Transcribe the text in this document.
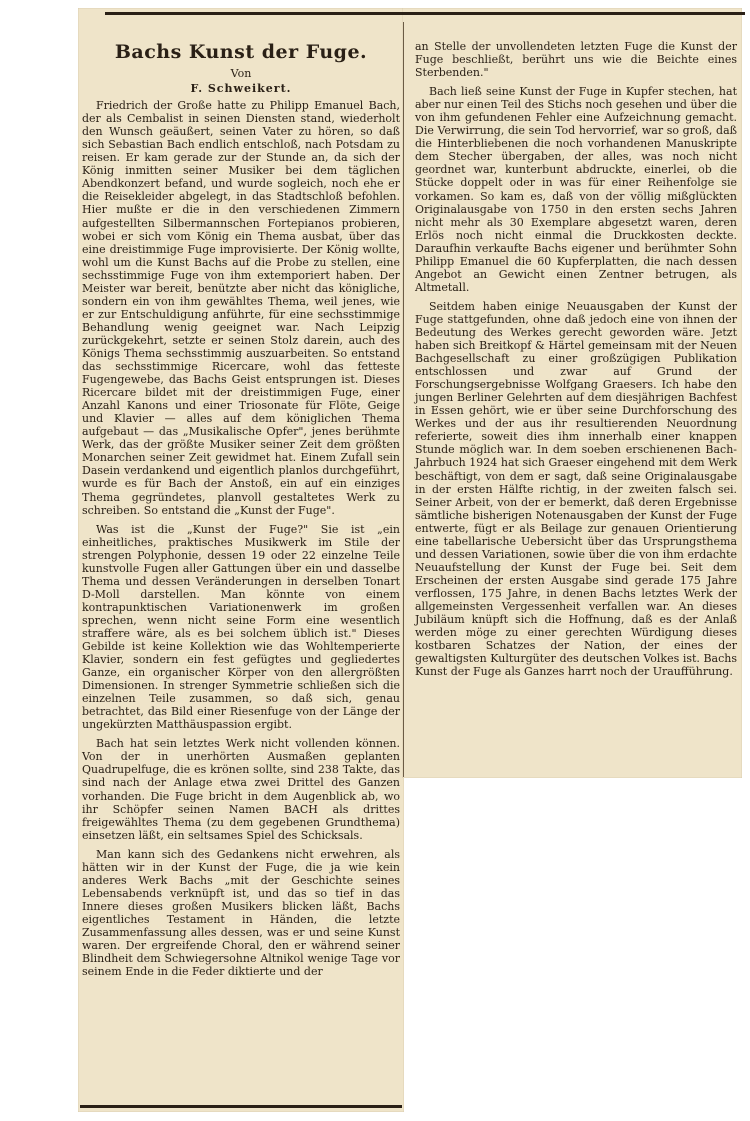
Bachs Kunst der Fuge.
Von
F. Schweikert.

Friedrich der Große hatte zu Philipp Emanuel Bach, der als Cembalist in seinen Diensten stand, wiederholt den Wunsch geäußert, seinen Vater zu hören, so daß sich Sebastian Bach endlich entschloß, nach Potsdam zu reisen. Er kam gerade zur der Stunde an, da sich der König inmitten seiner Musiker bei dem täglichen Abendkonzert befand, und wurde sogleich, noch ehe er die Reisekleider abgelegt, in das Stadtschloß befohlen. Hier mußte er die in den verschiedenen Zimmern aufgestellten Silbermannschen Fortepianos probieren, wobei er sich vom König ein Thema ausbat, über das eine dreistimmige Fuge improvisierte. Der König wollte, wohl um die Kunst Bachs auf die Probe zu stellen, eine sechsstimmige Fuge von ihm extemporiert haben. Der Meister war bereit, benützte aber nicht das königliche, sondern ein von ihm gewähltes Thema, weil jenes, wie er zur Entschuldigung anführte, für eine sechsstimmige Behandlung wenig geeignet war. Nach Leipzig zurückgekehrt, setzte er seinen Stolz darein, auch des Königs Thema sechsstimmig auszuarbeiten. So entstand das sechsstimmige Ricercare, wohl das fetteste Fugengewebe, das Bachs Geist entsprungen ist. Dieses Ricercare bildet mit der dreistimmigen Fuge, einer Anzahl Kanons und einer Triosonate für Flöte, Geige und Klavier — alles auf dem königlichen Thema aufgebaut — das „Musikalische Opfer", jenes berühmte Werk, das der größte Musiker seiner Zeit dem größten Monarchen seiner Zeit gewidmet hat. Einem Zufall sein Dasein verdankend und eigentlich planlos durchgeführt, wurde es für Bach der Anstoß, ein auf ein einziges Thema gegründetes, planvoll gestaltetes Werk zu schreiben. So entstand die „Kunst der Fuge".

Was ist die „Kunst der Fuge?" Sie ist „ein einheitliches, praktisches Musikwerk im Stile der strengen Polyphonie, dessen 19 oder 22 einzelne Teile kunstvolle Fugen aller Gattungen über ein und dasselbe Thema und dessen Veränderungen in derselben Tonart D-Moll darstellen. Man könnte von einem kontrapunktischen Variationenwerk im großen sprechen, wenn nicht seine Form eine wesentlich straffere wäre, als es bei solchem üblich ist." Dieses Gebilde ist keine Kollektion wie das Wohltemperierte Klavier, sondern ein fest gefügtes und gegliedertes Ganze, ein organischer Körper von den allergrößten Dimensionen. In strenger Symmetrie schließen sich die einzelnen Teile zusammen, so daß sich, genau betrachtet, das Bild einer Riesenfuge von der Länge der ungekürzten Matthäuspassion ergibt.

Bach hat sein letztes Werk nicht vollenden können. Von der in unerhörten Ausmaßen geplanten Quadrupelfuge, die es krönen sollte, sind 238 Takte, das sind nach der Anlage etwa zwei Drittel des Ganzen vorhanden. Die Fuge bricht in dem Augenblick ab, wo ihr Schöpfer seinen Namen BACH als drittes freigewähltes Thema (zu dem gegebenen Grundthema) einsetzen läßt, ein seltsames Spiel des Schicksals.

Man kann sich des Gedankens nicht erwehren, als hätten wir in der Kunst der Fuge, die ja wie kein anderes Werk Bachs „mit der Geschichte seines Lebensabends verknüpft ist, und das so tief in das Innere dieses großen Musikers blicken läßt, Bachs eigentliches Testament in Händen, die letzte Zusammenfassung alles dessen, was er und seine Kunst waren. Der ergreifende Choral, den er während seiner Blindheit dem Schwiegersohne Altnikol wenige Tage vor seinem Ende in die Feder diktierte und der

an Stelle der unvollendeten letzten Fuge die Kunst der Fuge beschließt, berührt uns wie die Beichte eines Sterbenden."

Bach ließ seine Kunst der Fuge in Kupfer stechen, hat aber nur einen Teil des Stichs noch gesehen und über die von ihm gefundenen Fehler eine Aufzeichnung gemacht. Die Verwirrung, die sein Tod hervorrief, war so groß, daß die Hinterbliebenen die noch vorhandenen Manuskripte dem Stecher übergaben, der alles, was noch nicht geordnet war, kunterbunt abdruckte, einerlei, ob die Stücke doppelt oder in was für einer Reihenfolge sie vorkamen. So kam es, daß von der völlig mißglückten Originalausgabe von 1750 in den ersten sechs Jahren nicht mehr als 30 Exemplare abgesetzt waren, deren Erlös noch nicht einmal die Druckkosten deckte. Daraufhin verkaufte Bachs eigener und berühmter Sohn Philipp Emanuel die 60 Kupferplatten, die nach dessen Angebot an Gewicht einen Zentner betrugen, als Altmetall.

Seitdem haben einige Neuausgaben der Kunst der Fuge stattgefunden, ohne daß jedoch eine von ihnen der Bedeutung des Werkes gerecht geworden wäre. Jetzt haben sich Breitkopf & Härtel gemeinsam mit der Neuen Bachgesellschaft zu einer großzügigen Publikation entschlossen und zwar auf Grund der Forschungsergebnisse Wolfgang Graesers. Ich habe den jungen Berliner Gelehrten auf dem diesjährigen Bachfest in Essen gehört, wie er über seine Durchforschung des Werkes und der aus ihr resultierenden Neuordnung referierte, soweit dies ihm innerhalb einer knappen Stunde möglich war. In dem soeben erschienenen Bach-Jahrbuch 1924 hat sich Graeser eingehend mit dem Werk beschäftigt, von dem er sagt, daß seine Originalausgabe in der ersten Hälfte richtig, in der zweiten falsch sei. Seiner Arbeit, von der er bemerkt, daß deren Ergebnisse sämtliche bisherigen Notenausgaben der Kunst der Fuge entwerte, fügt er als Beilage zur genauen Orientierung eine tabellarische Uebersicht über das Ursprungsthema und dessen Variationen, sowie über die von ihm erdachte Neuaufstellung der Kunst der Fuge bei. Seit dem Erscheinen der ersten Ausgabe sind gerade 175 Jahre verflossen, 175 Jahre, in denen Bachs letztes Werk der allgemeinsten Vergessenheit verfallen war. An dieses Jubiläum knüpft sich die Hoffnung, daß es der Anlaß werden möge zu einer gerechten Würdigung dieses kostbaren Schatzes der Nation, der eines der gewaltigsten Kulturgüter des deutschen Volkes ist. Bachs Kunst der Fuge als Ganzes harrt noch der Uraufführung.
